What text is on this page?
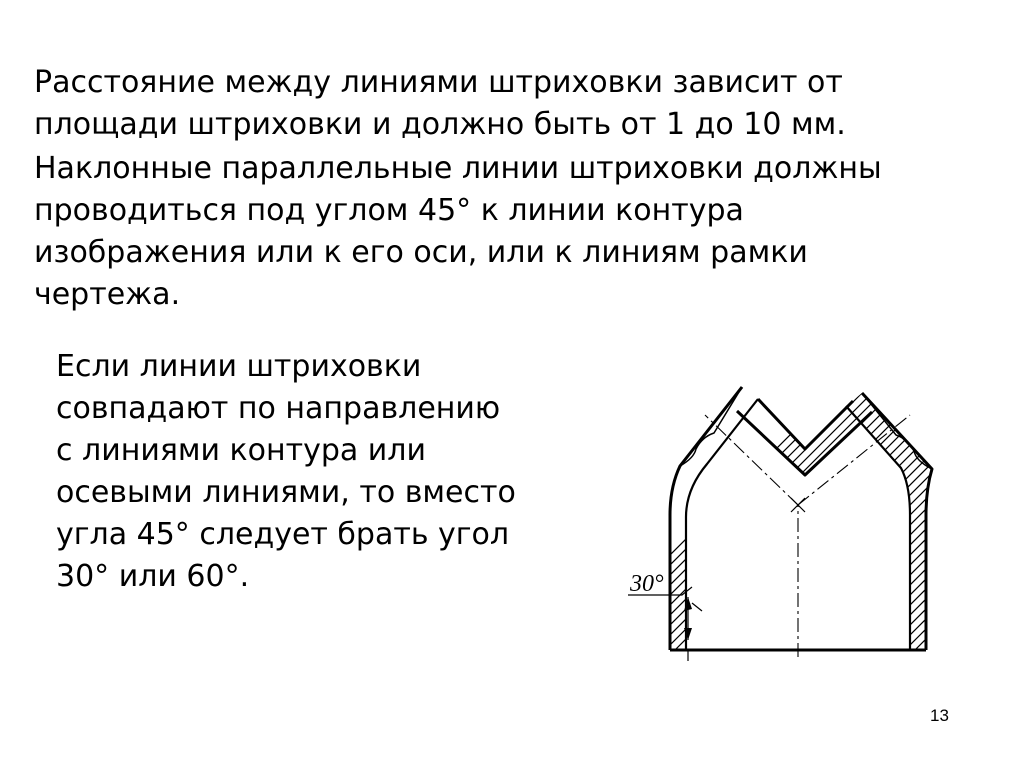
Расстояние между линиями штриховки зависит от
площади штриховки и должно быть от 1 до 10 мм.
Наклонные параллельные линии штриховки должны
проводиться под углом 45° к линии контура
изображения или к его оси, или к линиям рамки
чертежа.
Если линии штриховки
совпадают по направлению
с линиями контура или
осевыми линиями, то вместо
угла 45° следует брать угол
30° или 60°.	30°
13
